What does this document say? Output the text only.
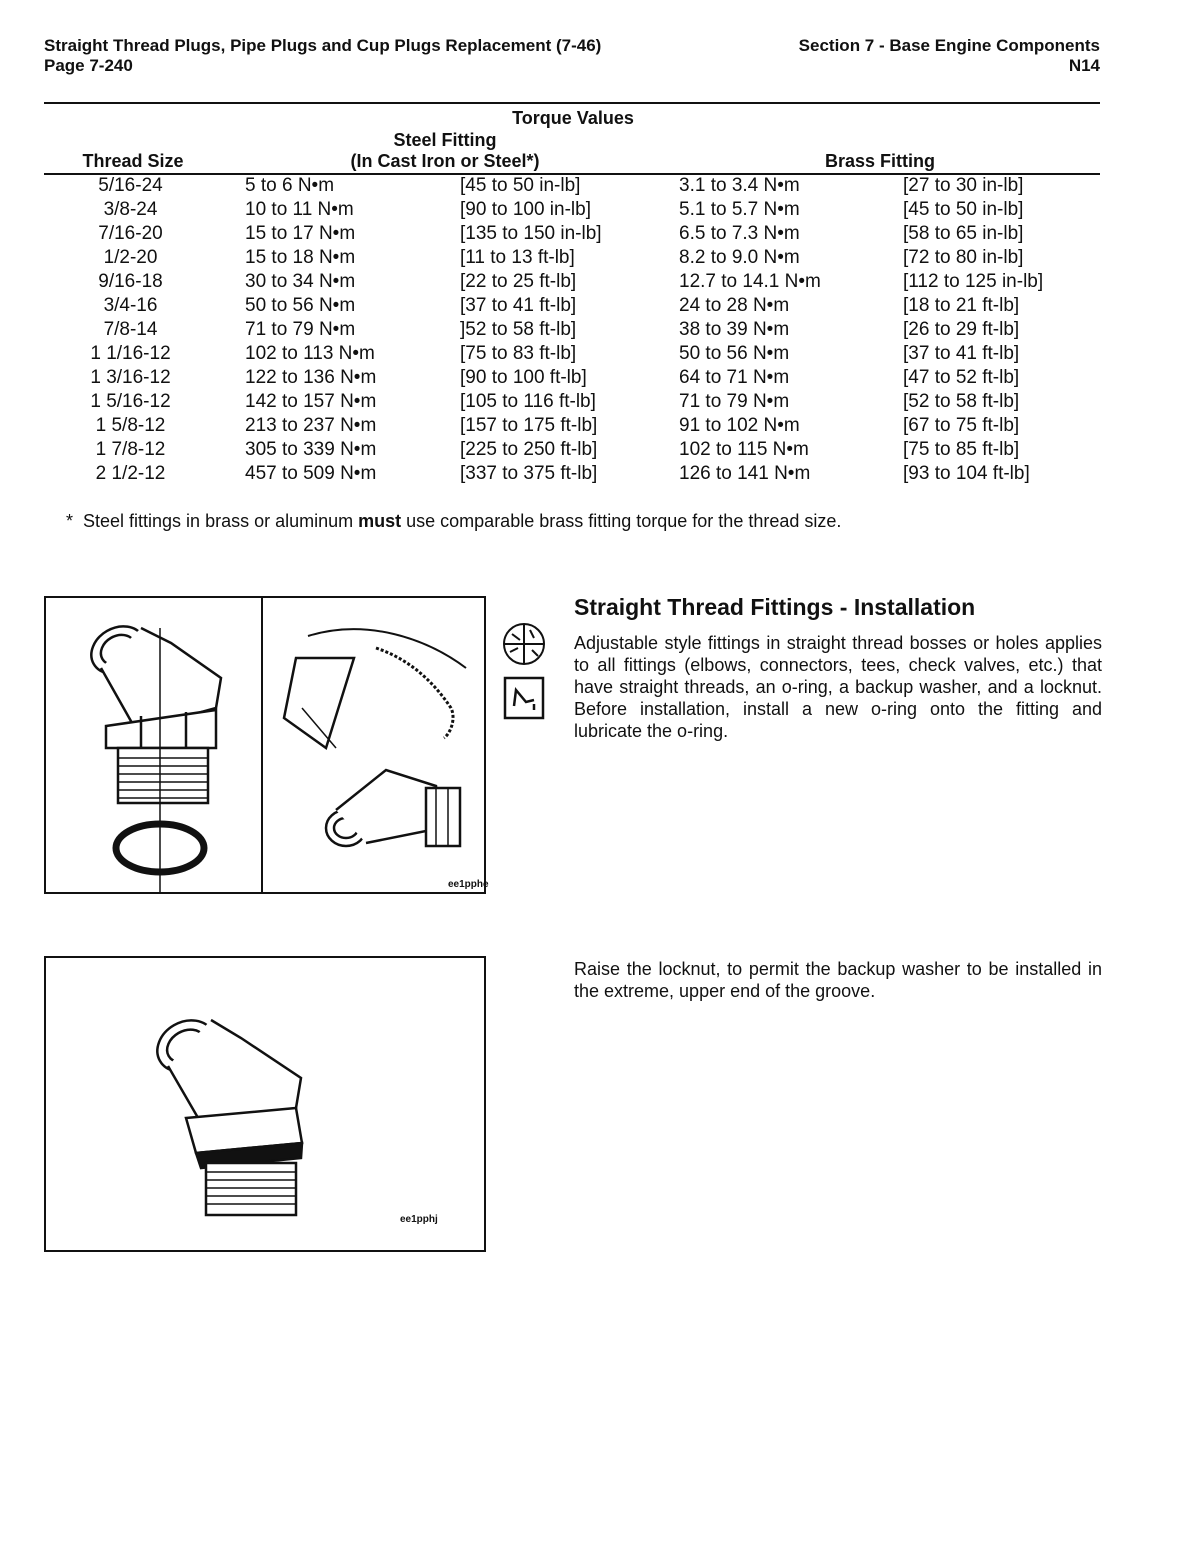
Straight Thread Plugs, Pipe Plugs and Cup Plugs Replacement (7-46)	Section 7 - Base Engine Components
Page 7-240	N14
Torque Values
Steel Fitting
(In Cast Iron or Steel*)
Thread Size	Brass Fitting
5/16-24	5 to 6 N•m	[45 to 50 in-lb]	3.1 to 3.4 N•m	[27 to 30 in-lb]
3/8-24	10 to 11 N•m	[90 to 100 in-lb]	5.1 to 5.7 N•m	[45 to 50 in-lb]
7/16-20	15 to 17 N•m	[135 to 150 in-lb]	6.5 to 7.3 N•m	[58 to 65 in-lb]
1/2-20	15 to 18 N•m	[11 to 13 ft-lb]	8.2 to 9.0 N•m	[72 to 80 in-lb]
9/16-18	30 to 34 N•m	[22 to 25 ft-lb]	12.7 to 14.1 N•m	[112 to 125 in-lb]
3/4-16	50 to 56 N•m	[37 to 41 ft-lb]	24 to 28 N•m	[18 to 21 ft-lb]
7/8-14	71 to 79 N•m	]52 to 58 ft-lb]	38 to 39 N•m	[26 to 29 ft-lb]
1 1/16-12	102 to 113 N•m	[75 to 83 ft-lb]	50 to 56 N•m	[37 to 41 ft-lb]
1 3/16-12	122 to 136 N•m	[90 to 100 ft-lb]	64 to 71 N•m	[47 to 52 ft-lb]
1 5/16-12	142 to 157 N•m	[105 to 116 ft-lb]	71 to 79 N•m	[52 to 58 ft-lb]
1 5/8-12	213 to 237 N•m	[157 to 175 ft-lb]	91 to 102 N•m	[67 to 75 ft-lb]
1 7/8-12	305 to 339 N•m	[225 to 250 ft-lb]	102 to 115 N•m	[75 to 85 ft-lb]
2 1/2-12	457 to 509 N•m	[337 to 375 ft-lb]	126 to 141 N•m	[93 to 104 ft-lb]
*  Steel fittings in brass or aluminum must use comparable brass fitting torque for the thread size.
ee1pphe
ee1pphj
Straight Thread Fittings - Installation
Adjustable style fittings in straight thread bosses or holes applies to all fittings (elbows, connectors, tees, check valves, etc.) that have straight threads, an o-ring, a backup washer, and a locknut. Before installation, install a new o-ring onto the fitting and lubricate the o-ring.
Raise the locknut, to permit the backup washer to be installed in the extreme, upper end of the groove.
